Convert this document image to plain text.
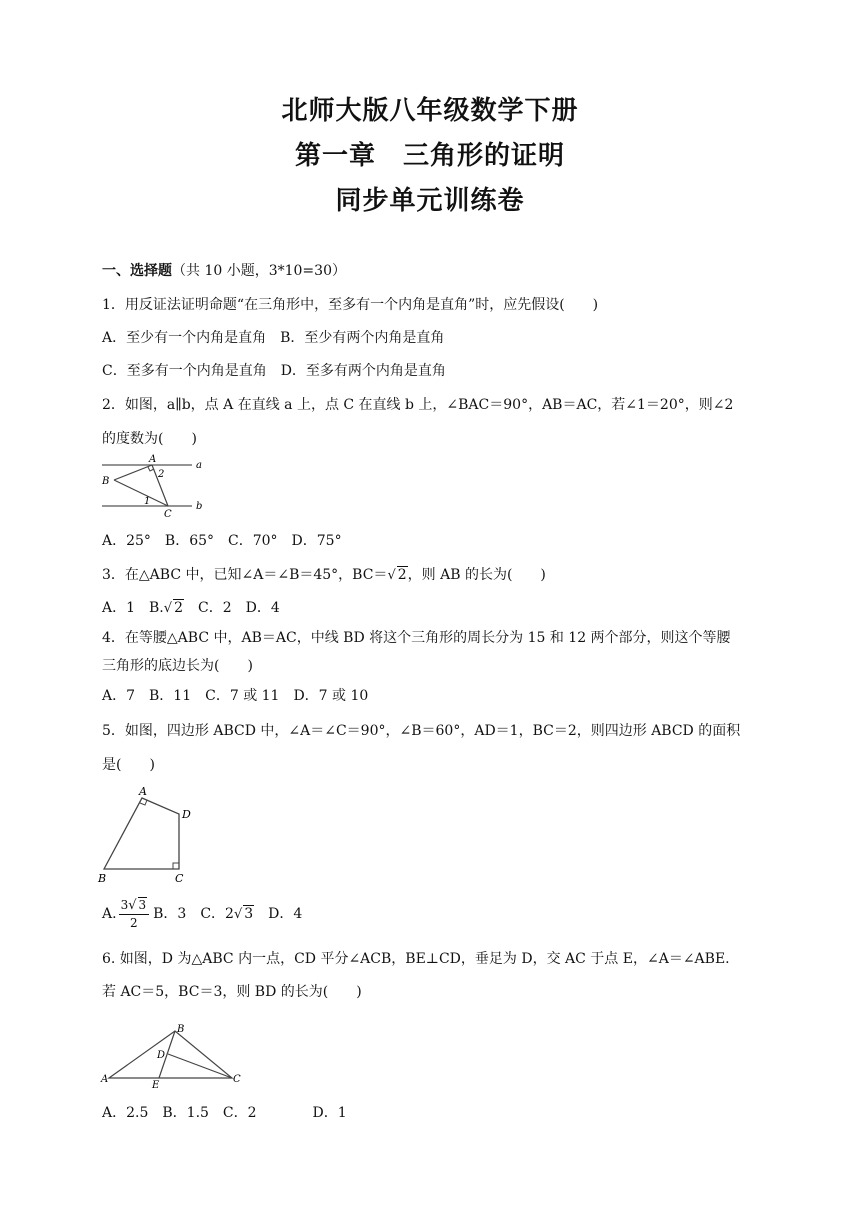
北师大版八年级数学下册
第一章　三角形的证明
同步单元训练卷
一、选择题（共 10 小题，3*10=30）
1．用反证法证明命题“在三角形中，至多有一个内角是直角”时，应先假设(　　)
A．至少有一个内角是直角　B．至少有两个内角是直角
C．至多有一个内角是直角　D．至多有两个内角是直角
2．如图，a∥b，点 A 在直线 a 上，点 C 在直线 b 上，∠BAC＝90°，AB＝AC，若∠1＝20°，则∠2
的度数为(　　)
A
B
C
a
b
1
2
A．25°　B．65°　C．70°　D．75°
3．在△ABC 中，已知∠A＝∠B＝45°，BC＝√ 2，则 AB 的长为(　　)
A．1　B.√ 2　C．2　D．4
4．在等腰△ABC 中，AB＝AC，中线 BD 将这个三角形的周长分为 15 和 12 两个部分，则这个等腰
三角形的底边长为(　　)
A．7　B．11　C．7 或 11　D．7 或 10
5．如图，四边形 ABCD 中，∠A＝∠C＝90°，∠B＝60°，AD＝1，BC＝2，则四边形 ABCD 的面积
是(　　)
A
B	C
D
A. $\frac{3√ 3}{2}$ B．3　C．2√ 3　D．4
6. 如图，D 为△ABC 内一点，CD 平分∠ACB，BE⊥CD，垂足为 D，交 AC 于点 E，∠A＝∠ABE.
若 AC＝5，BC＝3，则 BD 的长为(　　)
A
B
C
D
E
A．2.5　B．1.5　C．2　　　　D．1
